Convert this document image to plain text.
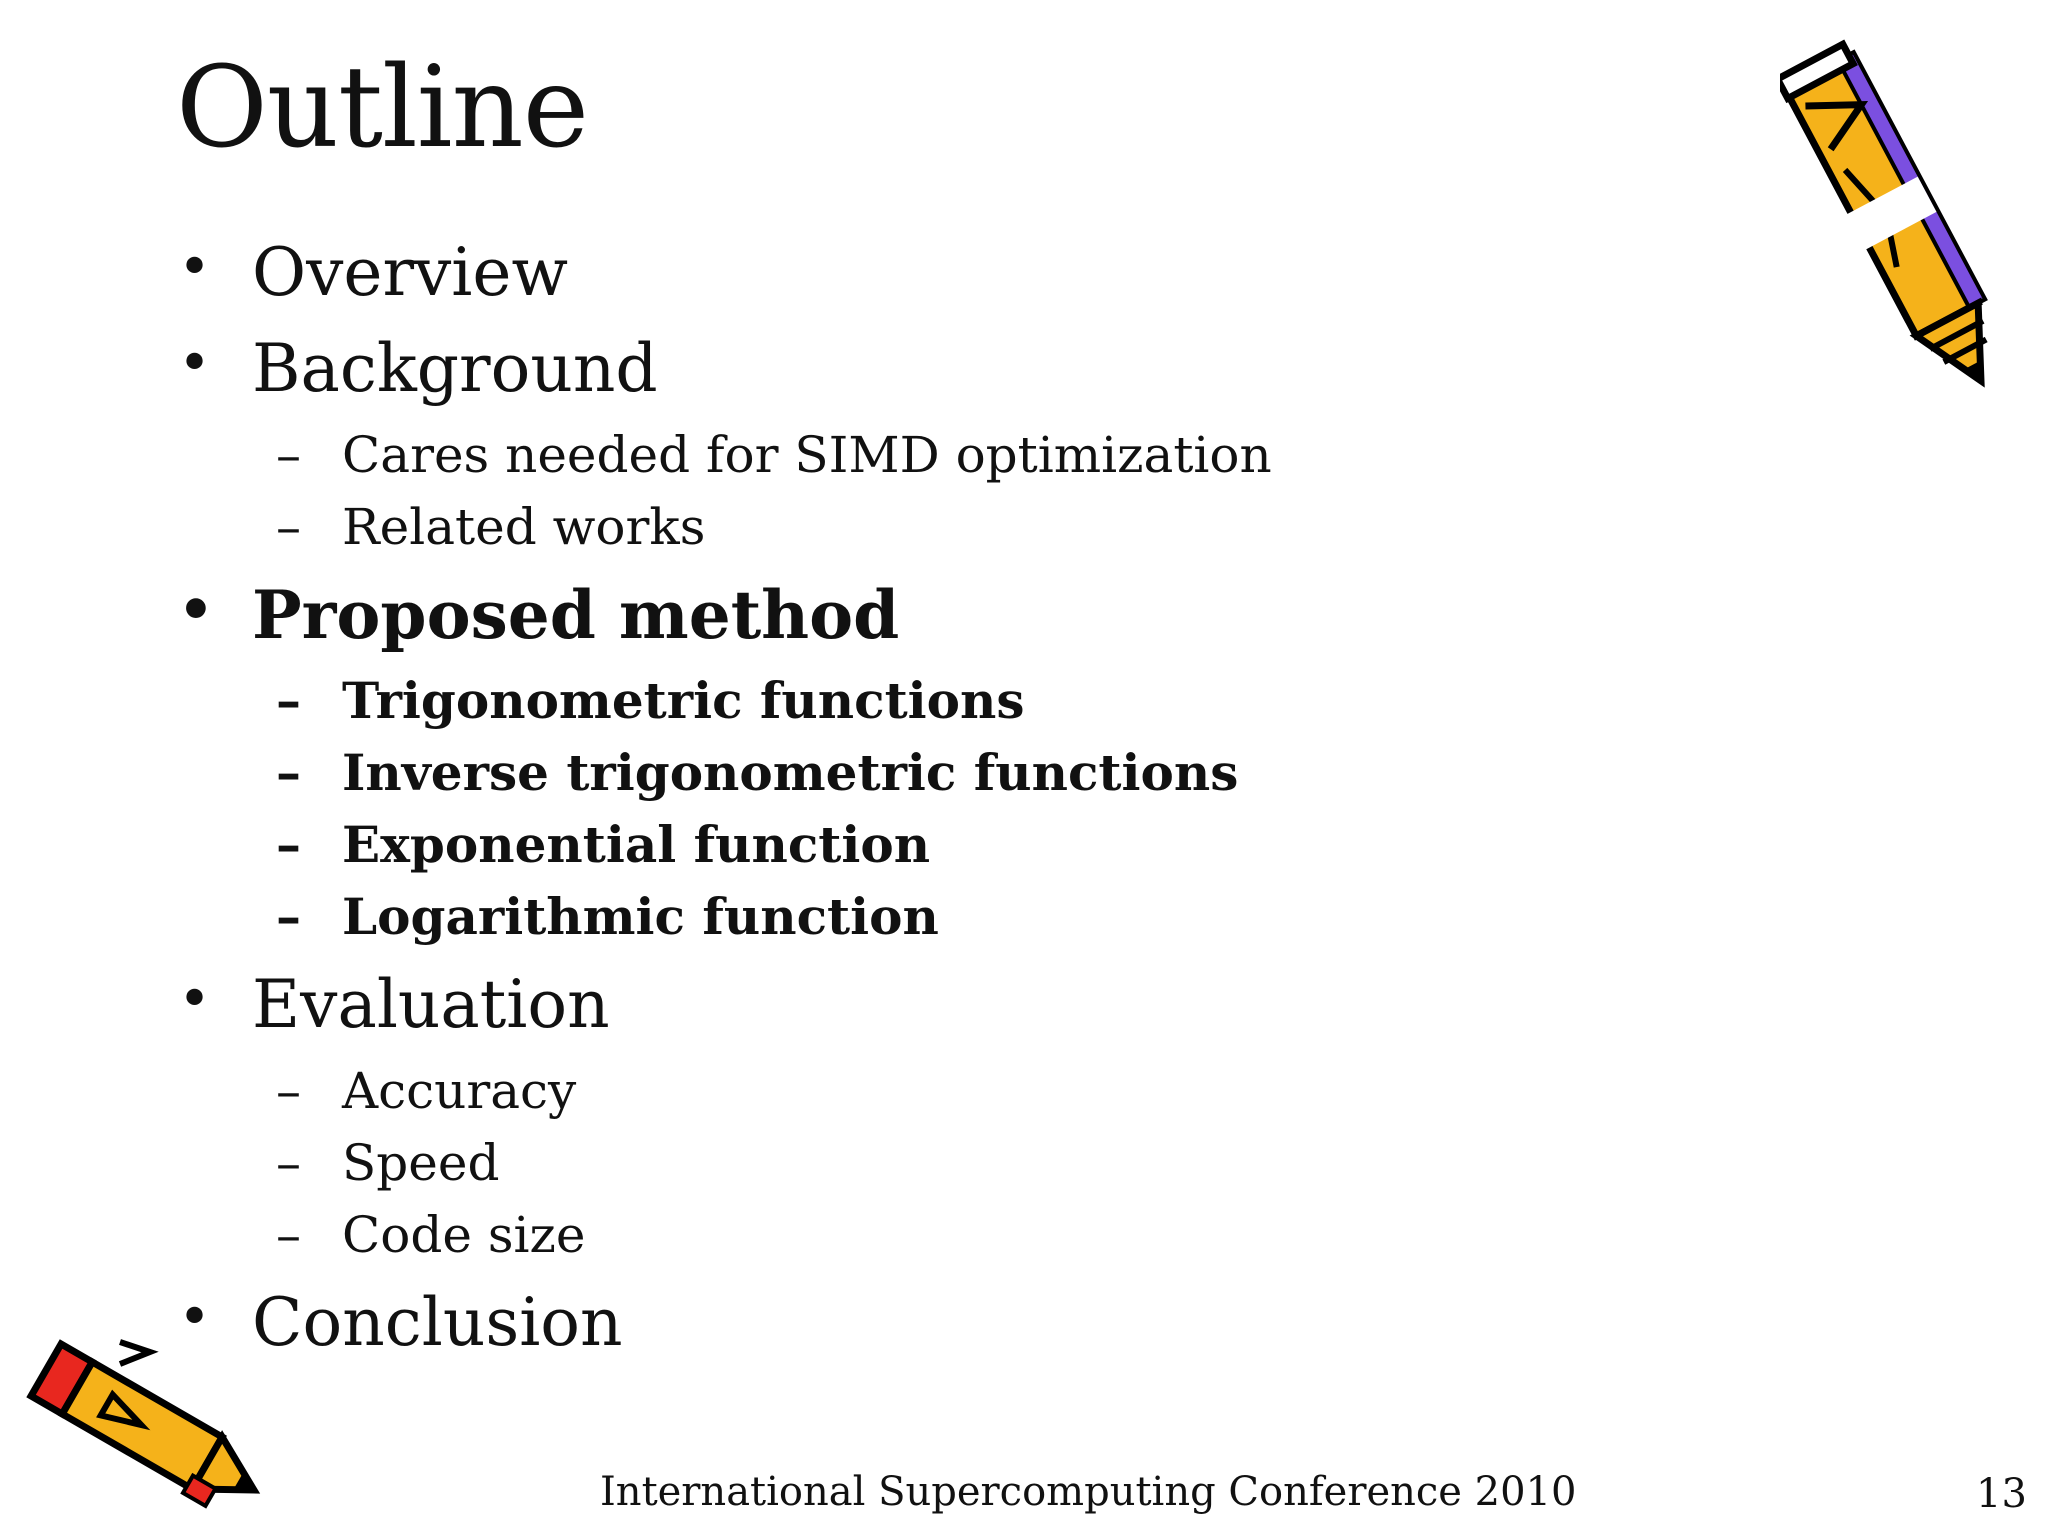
Outline
• Overview
• Background
– Cares needed for SIMD optimization
– Related works
• Proposed method
– Trigonometric functions
– Inverse trigonometric functions
– Exponential function
– Logarithmic function
• Evaluation
– Accuracy
– Speed
– Code size
• Conclusion
International Supercomputing Conference 2010	13
